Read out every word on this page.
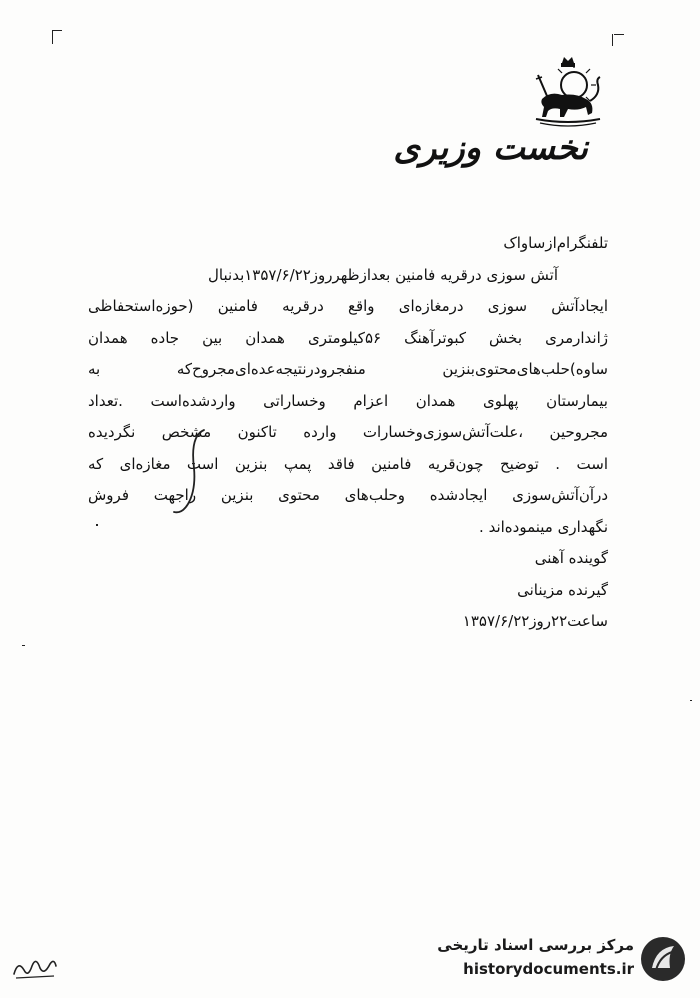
نخست وزیری
تلفنگرام‌ازساواک
آتش سوزی درقریه فامنین بعدازظهرروز۱۳۵۷/۶/۲۲بدنبال
ایجادآتش سوزی درمغازه‌ای واقع درقریه فامنین (حوزه‌استحفاظی
ژاندارمری بخش کبوترآهنگ ۵۶کیلومتری همدان بین جاده همدان
ساوه)حلب‌های‌محتوی‌بنزین منفجرودرنتیجه‌عده‌ای‌مجروح‌که به
بیمارستان پهلوی همدان اعزام وخساراتی واردشده‌است .تعداد
مجروحین ،علت‌آتش‌سوزی‌وخسارات وارده تاکنون مشخص نگردیده
است . توضیح چون‌قریه فامنین فاقد پمپ بنزین است مغازه‌ای که
درآن‌آتش‌سوزی ایجادشده وحلب‌های محتوی بنزین راجهت فروش
نگهداری مینموده‌اند .
گوینده آهنی
گیرنده مزینانی
ساعت۲۲روز۱۳۵۷/۶/۲۲
مرکز بررسی اسناد تاریخی
historydocuments.ir
